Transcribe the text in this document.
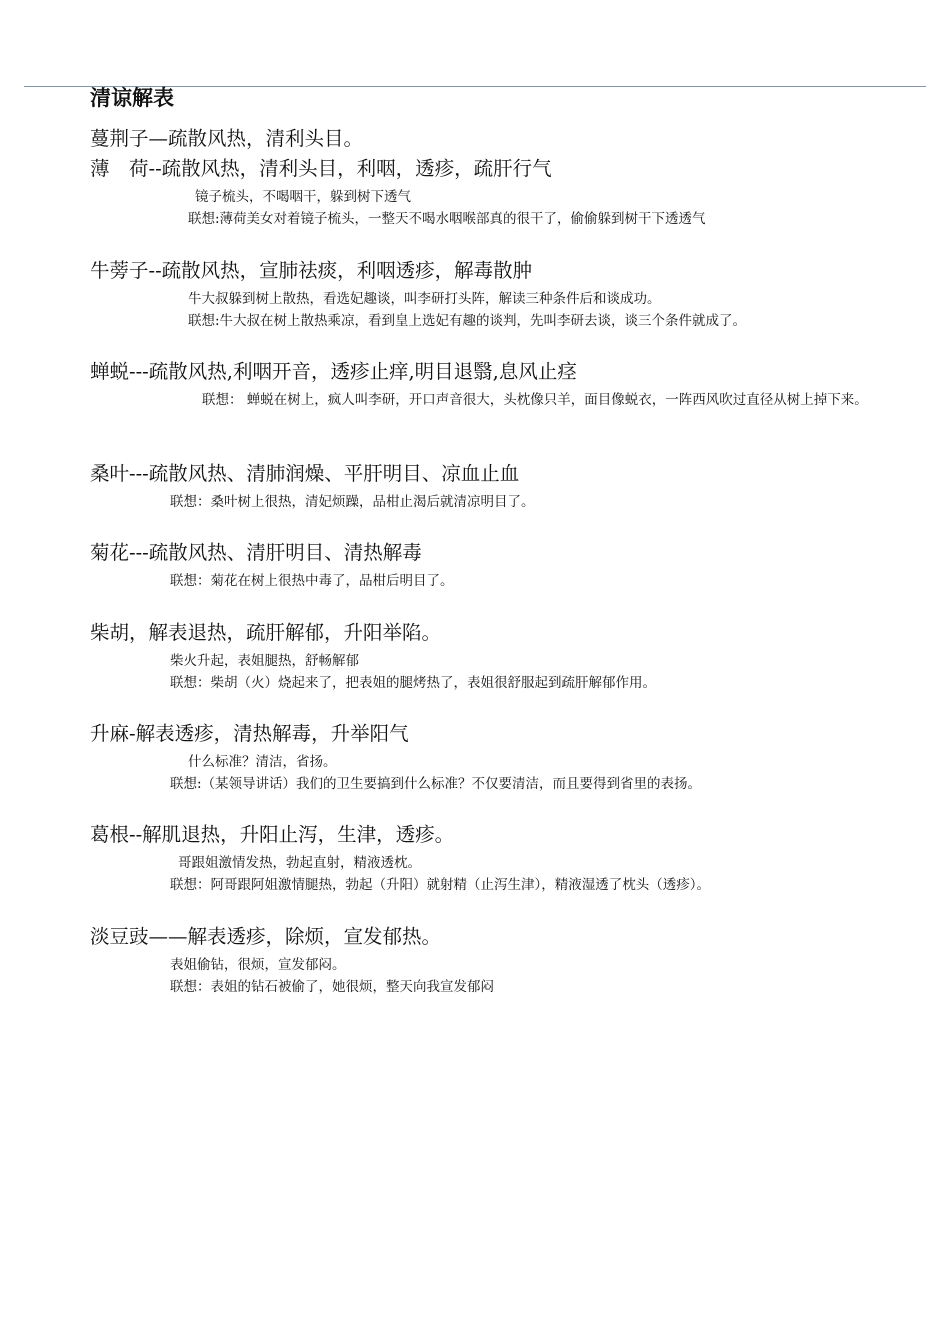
清谅解表

蔓荆子—疏散风热，清利头目。

薄　荷--疏散风热，清利头目，利咽，透疹，疏肝行气

镜子梳头，不喝咽干，躲到树下透气

联想:薄荷美女对着镜子梳头，一整天不喝水咽喉部真的很干了，偷偷躲到树干下透透气

牛蒡子--疏散风热，宣肺祛痰，利咽透疹，解毒散肿

牛大叔躲到树上散热，看选妃趣谈，叫李研打头阵，解读三种条件后和谈成功。

联想:牛大叔在树上散热乘凉，看到皇上选妃有趣的谈判，先叫李研去谈，谈三个条件就成了。

蝉蜕---疏散风热,利咽开音，透疹止痒,明目退翳,息风止痉

联想： 蝉蜕在树上，疯人叫李研，开口声音很大，头枕像只羊，面目像蜕衣，一阵西风吹过直径从树上掉下来。

桑叶---疏散风热、清肺润燥、平肝明目、凉血止血

联想：桑叶树上很热，清妃烦躁，品柑止渴后就清凉明目了。

菊花---疏散风热、清肝明目、清热解毒

联想：菊花在树上很热中毒了，品柑后明目了。

柴胡，解表退热，疏肝解郁，升阳举陷。

柴火升起，表姐腿热，舒畅解郁

联想：柴胡（火）烧起来了，把表姐的腿烤热了，表姐很舒服起到疏肝解郁作用。

升麻-解表透疹，清热解毒，升举阳气

什么标准？清洁，省扬。

联想:（某领导讲话）我们的卫生要搞到什么标准？不仅要清洁，而且要得到省里的表扬。

葛根--解肌退热，升阳止泻，生津，透疹。

哥跟姐激情发热，勃起直射，精液透枕。

联想：阿哥跟阿姐激情腿热，勃起（升阳）就射精（止泻生津），精液湿透了枕头（透疹）。

淡豆豉——解表透疹，除烦，宣发郁热。

表姐偷钻，很烦，宣发郁闷。

联想：表姐的钻石被偷了，她很烦，整天向我宣发郁闷
